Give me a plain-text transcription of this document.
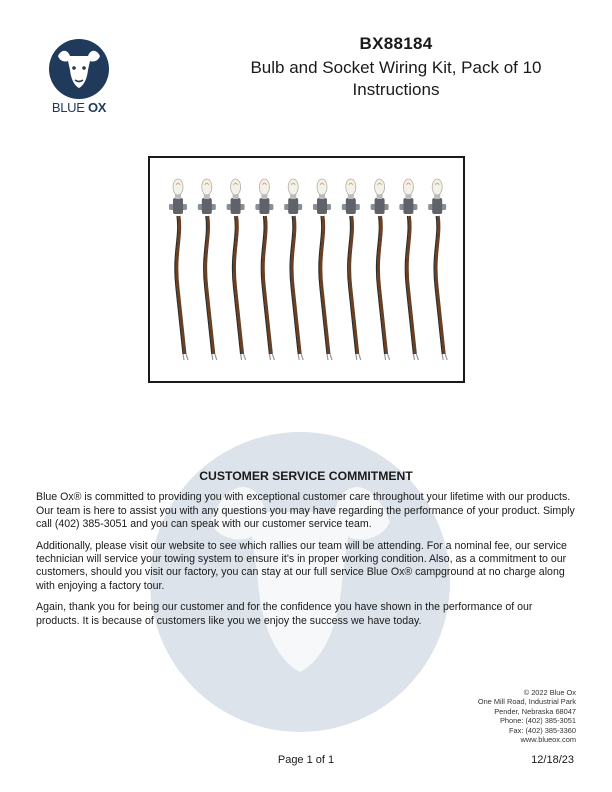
BLUE OX
BX88184
Bulb and Socket Wiring Kit, Pack of 10
Instructions
CUSTOMER SERVICE COMMITMENT

Blue Ox® is committed to providing you with exceptional customer care throughout your lifetime with our products. Our team is here to assist you with any questions you may have regarding the performance of your product. Simply call (402) 385-3051 and you can speak with our customer service team.

Additionally, please visit our website to see which rallies our team will be attending. For a nominal fee, our service technician will service your towing system to ensure it's in proper working condition. Also, as a commitment to our customers, should you visit our factory, you can stay at our full service Blue Ox® campground at no charge along with enjoying a factory tour.

Again, thank you for being our customer and for the confidence you have shown in the performance of our products. It is because of customers like you we enjoy the success we have today.

© 2022 Blue Ox
One Mill Road, Industrial Park
Pender, Nebraska 68047
Phone: (402) 385-3051
Fax: (402) 385-3360
www.blueox.com
Page 1 of 1	12/18/23
